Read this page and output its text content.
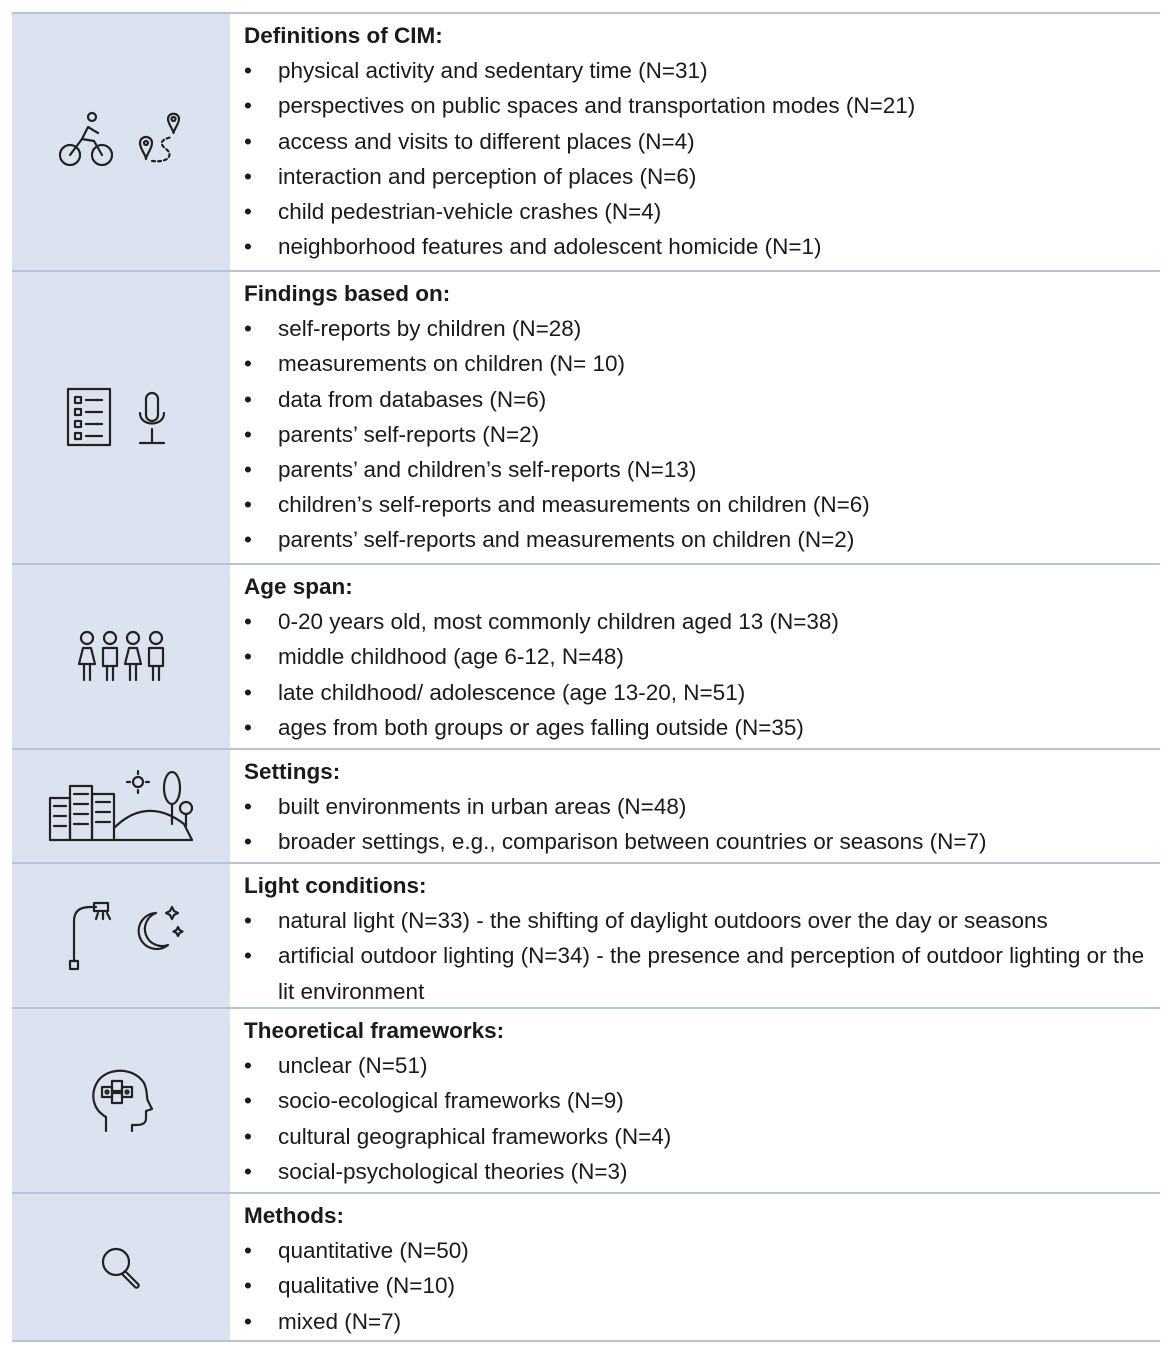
Definitions of CIM:
•	physical activity and sedentary time (N=31)
•	perspectives on public spaces and transportation modes (N=21)
•	access and visits to different places (N=4)
•	interaction and perception of places (N=6)
•	child pedestrian-vehicle crashes (N=4)
•	neighborhood features and adolescent homicide (N=1)
Findings based on:
•	self-reports by children (N=28)
•	measurements on children (N= 10)
•	data from databases (N=6)
•	parents’ self-reports (N=2)
•	parents’ and children’s self-reports (N=13)
•	children’s self-reports and measurements on children (N=6)
•	parents’ self-reports and measurements on children (N=2)
Age span:
•	0-20 years old, most commonly children aged 13 (N=38)
•	middle childhood (age 6-12, N=48)
•	late childhood/ adolescence (age 13-20, N=51)
•	ages from both groups or ages falling outside (N=35)
Settings:
•	built environments in urban areas (N=48)
•	broader settings, e.g., comparison between countries or seasons (N=7)
Light conditions:
•	natural light (N=33) - the shifting of daylight outdoors over the day or seasons
•	artificial outdoor lighting (N=34) - the presence and perception of outdoor lighting or the lit environment
Theoretical frameworks:
•	unclear (N=51)
•	socio-ecological frameworks (N=9)
•	cultural geographical frameworks (N=4)
•	social-psychological theories (N=3)
Methods:
•	quantitative (N=50)
•	qualitative (N=10)
•	mixed (N=7)
